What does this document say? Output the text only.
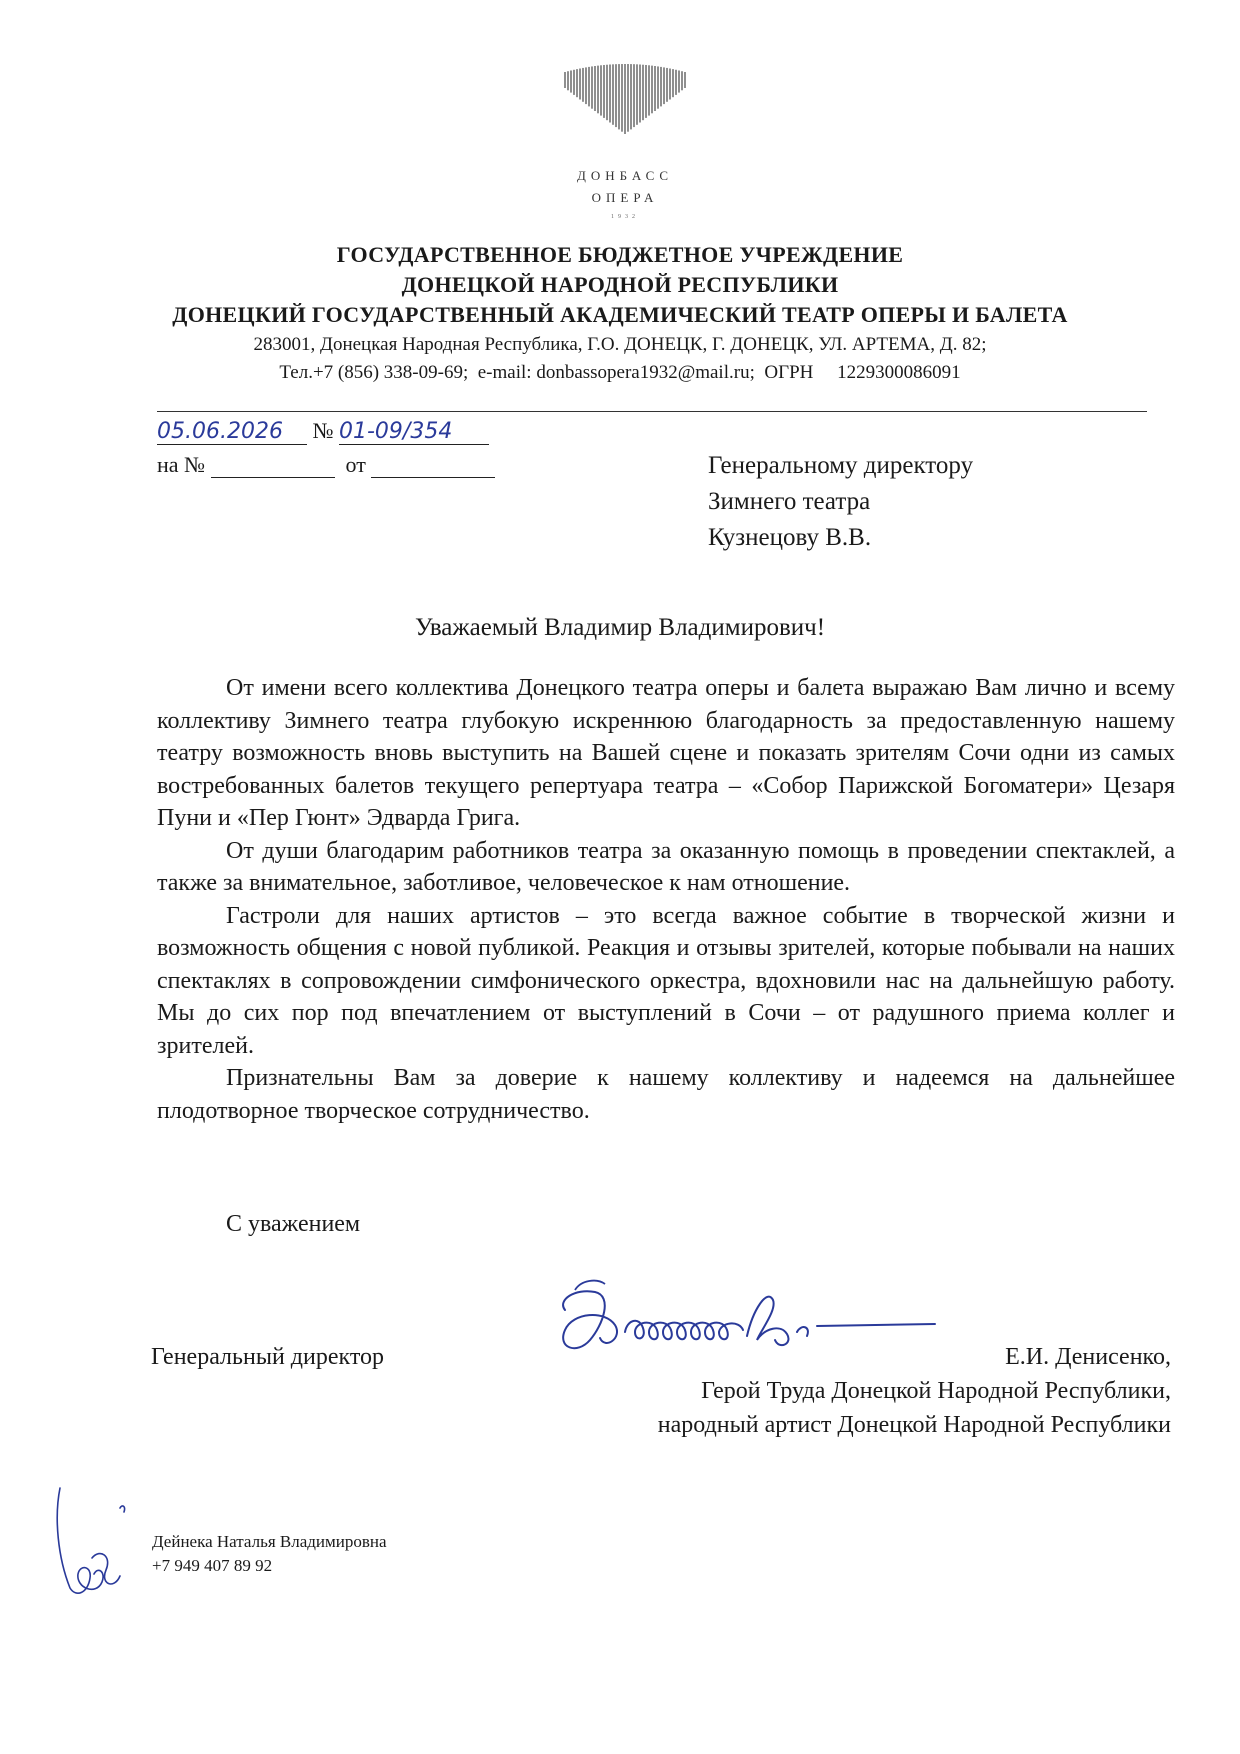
ДОНБАСС
ОПЕРА
1932
ГОСУДАРСТВЕННОЕ БЮДЖЕТНОЕ УЧРЕЖДЕНИЕ
ДОНЕЦКОЙ НАРОДНОЙ РЕСПУБЛИКИ
ДОНЕЦКИЙ ГОСУДАРСТВЕННЫЙ АКАДЕМИЧЕСКИЙ ТЕАТР ОПЕРЫ И БАЛЕТА
283001, Донецкая Народная Республика, Г.О. ДОНЕЦК, Г. ДОНЕЦК, УЛ. АРТЕМА, Д. 82;
Тел.+7 (856) 338-09-69; e-mail: donbassopera1932@mail.ru; ОГРН 1229300086091
05.06.2026 № 01-09/354
на №	от	Генеральному директору
Зимнего театра
Кузнецову В.В.
Уважаемый Владимир Владимирович!

От имени всего коллектива Донецкого театра оперы и балета выражаю Вам лично и всему коллективу Зимнего театра глубокую искреннюю благодарность за предоставленную нашему театру возможность вновь выступить на Вашей сцене и показать зрителям Сочи одни из самых востребованных балетов текущего репертуара театра – «Собор Парижской Богоматери» Цезаря Пуни и «Пер Гюнт» Эдварда Грига.

От души благодарим работников театра за оказанную помощь в проведении спектаклей, а также за внимательное, заботливое, человеческое к нам отношение.

Гастроли для наших артистов – это всегда важное событие в творческой жизни и возможность общения с новой публикой. Реакция и отзывы зрителей, которые побывали на наших спектаклях в сопровождении симфонического оркестра, вдохновили нас на дальнейшую работу. Мы до сих пор под впечатлением от выступлений в Сочи – от радушного приема коллег и зрителей.

Признательны Вам за доверие к нашему коллективу и надеемся на дальнейшее плодотворное творческое сотрудничество.

С уважением
Генеральный директор	Е.И. Денисенко,
Герой Труда Донецкой Народной Республики,
народный артист Донецкой Народной Республики
Дейнека Наталья Владимировна
+7 949 407 89 92
